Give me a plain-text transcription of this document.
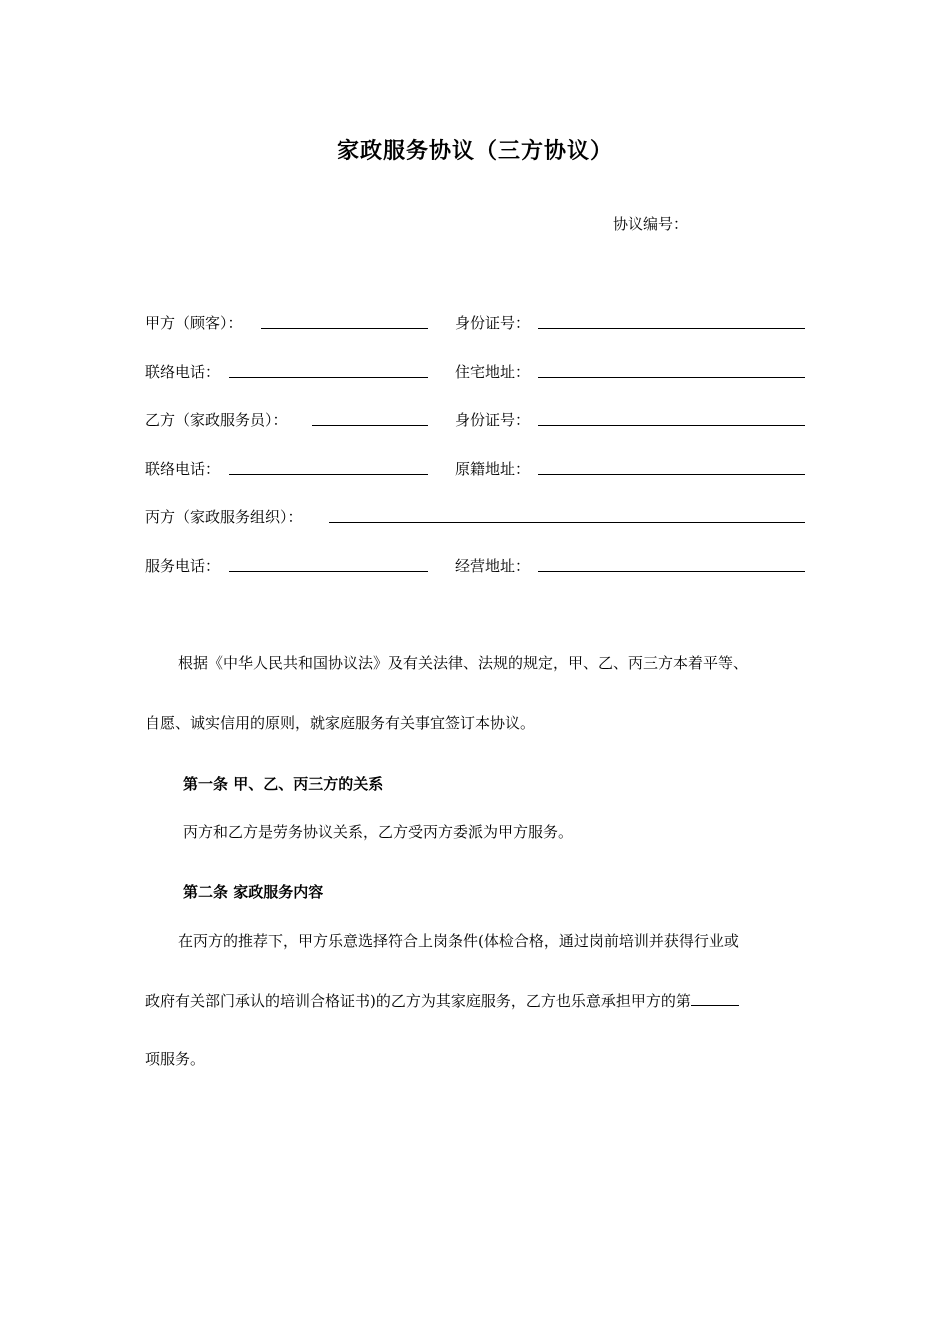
家政服务协议（三方协议）
协议编号：
甲方（顾客）：	身份证号：
联络电话：	住宅地址：
乙方（家政服务员）：	身份证号：
联络电话：	原籍地址：
丙方（家政服务组织）：
服务电话：	经营地址：
根据《中华人民共和国协议法》及有关法律、法规的规定，甲、乙、丙三方本着平等、
自愿、诚实信用的原则，就家庭服务有关事宜签订本协议。
第一条 甲、乙、丙三方的关系
丙方和乙方是劳务协议关系，乙方受丙方委派为甲方服务。
第二条 家政服务内容
在丙方的推荐下，甲方乐意选择符合上岗条件(体检合格，通过岗前培训并获得行业或
政府有关部门承认的培训合格证书)的乙方为其家庭服务，乙方也乐意承担甲方的第
项服务。
